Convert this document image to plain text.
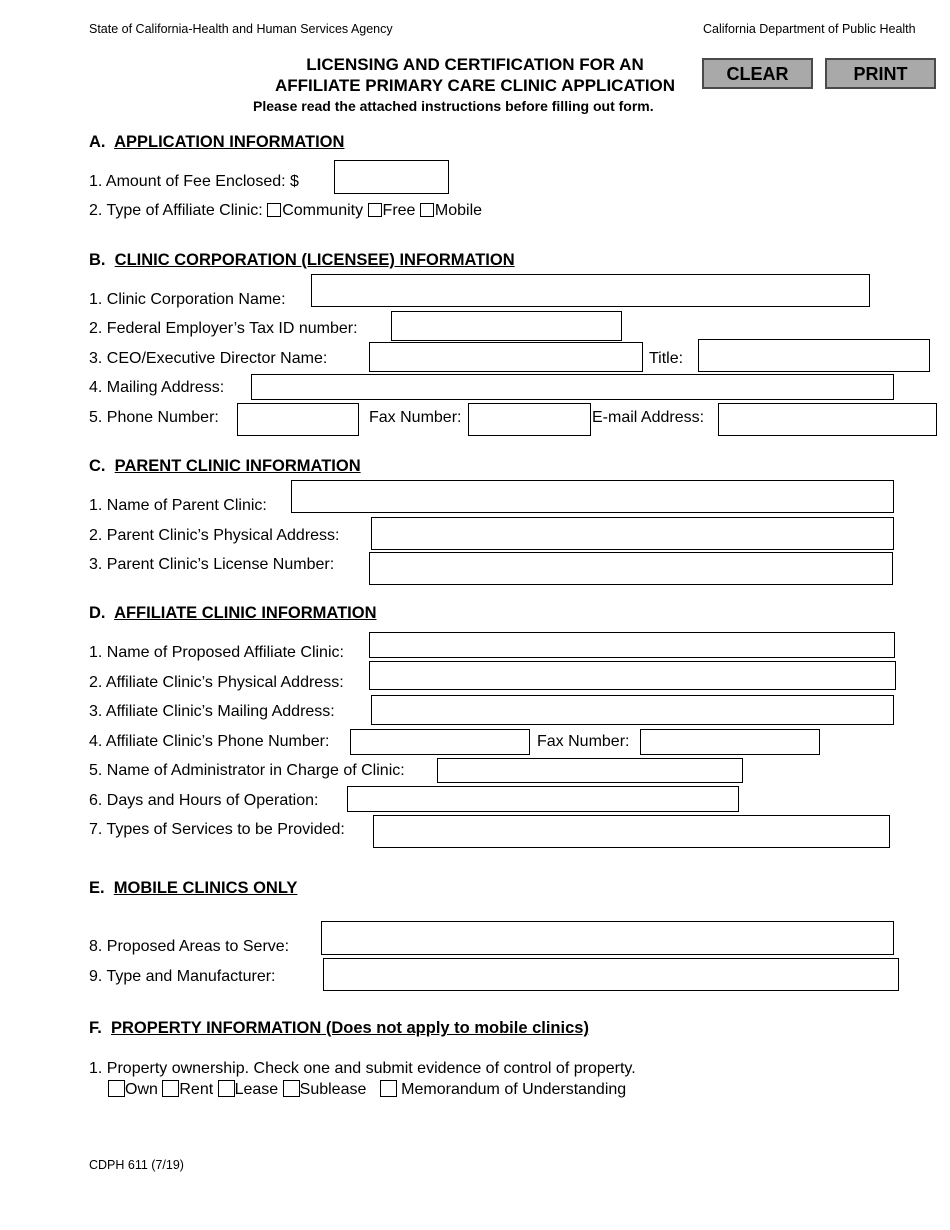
State of California-Health and Human Services Agency	California Department of Public Health
LICENSING AND CERTIFICATION FOR AN
AFFILIATE PRIMARY CARE CLINIC APPLICATION
Please read the attached instructions before filling out form.
CLEAR	PRINT
A. APPLICATION INFORMATION
1. Amount of Fee Enclosed: $
2. Type of Affiliate Clinic: Community Free Mobile
B. CLINIC CORPORATION (LICENSEE) INFORMATION
1. Clinic Corporation Name:
2. Federal Employer’s Tax ID number:
3. CEO/Executive Director Name:	Title:
4. Mailing Address:
5. Phone Number:	Fax Number:	E-mail Address:
C. PARENT CLINIC INFORMATION
1. Name of Parent Clinic:
2. Parent Clinic’s Physical Address:
3. Parent Clinic’s License Number:
D. AFFILIATE CLINIC INFORMATION
1. Name of Proposed Affiliate Clinic:
2. Affiliate Clinic’s Physical Address:
3. Affiliate Clinic’s Mailing Address:
4. Affiliate Clinic’s Phone Number:	Fax Number:
5. Name of Administrator in Charge of Clinic:
6. Days and Hours of Operation:
7. Types of Services to be Provided:
E. MOBILE CLINICS ONLY
8. Proposed Areas to Serve:
9. Type and Manufacturer:
F. PROPERTY INFORMATION (Does not apply to mobile clinics)
1. Property ownership. Check one and submit evidence of control of property.
Own Rent Lease Sublease Memorandum of Understanding
CDPH 611 (7/19)
